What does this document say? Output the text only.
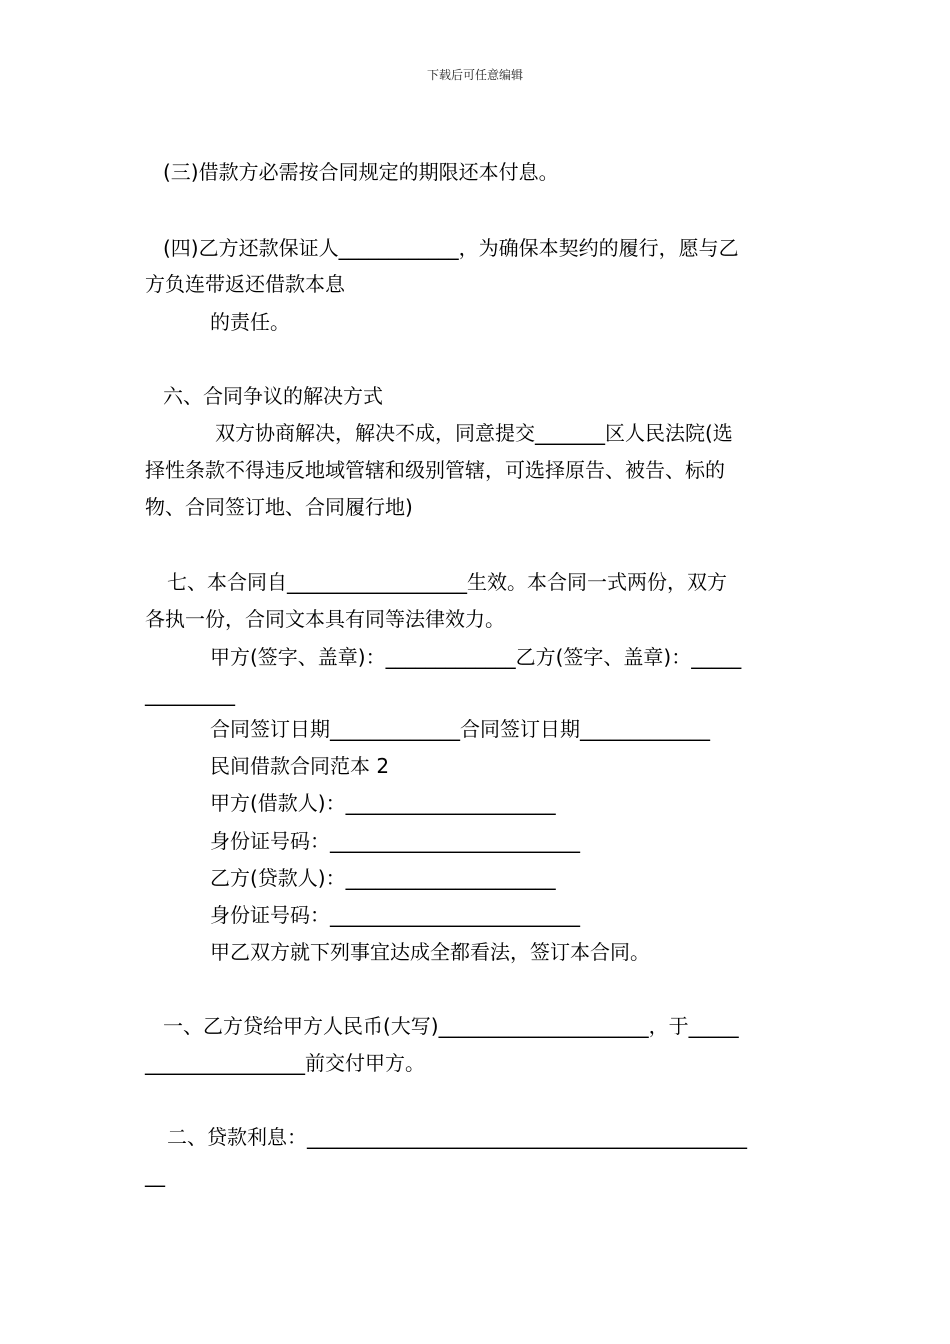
下载后可任意编辑
(三)借款方必需按合同规定的期限还本付息。
(四)乙方还款保证人____________，为确保本契约的履行，愿与乙
方负连带返还借款本息
的责任。
六、合同争议的解决方式
双方协商解决，解决不成，同意提交_______区人民法院(选
择性条款不得违反地域管辖和级别管辖，可选择原告、被告、标的
物、合同签订地、合同履行地)
七、本合同自__________________生效。本合同一式两份，双方
各执一份，合同文本具有同等法律效力。
甲方(签字、盖章)：_____________乙方(签字、盖章)：_____
_________
合同签订日期_____________合同签订日期_____________
民间借款合同范本 2
甲方(借款人)：_____________________
身份证号码：_________________________
乙方(贷款人)：_____________________
身份证号码：_________________________
甲乙双方就下列事宜达成全都看法，签订本合同。
一、乙方贷给甲方人民币(大写)_____________________，于_____
________________前交付甲方。
二、贷款利息：____________________________________________
__
